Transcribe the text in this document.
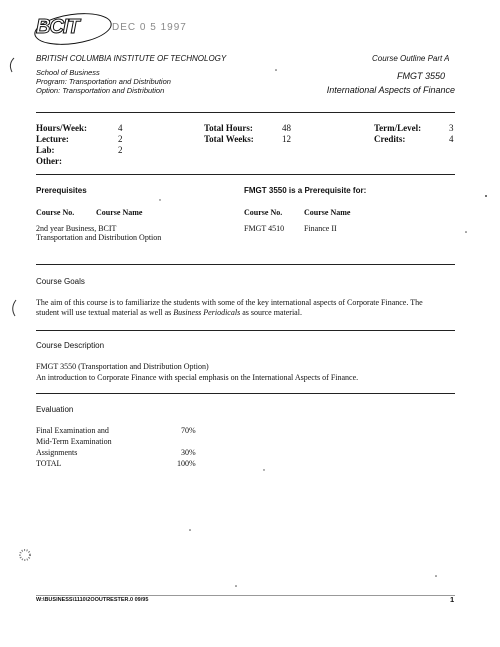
BCIT	DEC 0 5 1997
BRITISH COLUMBIA INSTITUTE OF TECHNOLOGY	Course Outline Part A
School of Business
Program: Transportation and Distribution
Option: Transportation and Distribution
FMGT 3550
International Aspects of Finance
Hours/Week:	4
Lecture:	2
Lab:	2
Other:
Total Hours:	48
Total Weeks:	12
Term/Level:	3
Credits:	4
Prerequisites
Course No.	Course Name
2nd year Business, BCIT
Transportation and Distribution Option
FMGT 3550 is a Prerequisite for:
Course No.	Course Name
FMGT 4510 Finance II
Course Goals
The aim of this course is to familiarize the students with some of the key international aspects of Corporate Finance. The student will use textual material as well as Business Periodicals as source material.
Course Description
FMGT 3550 (Transportation and Distribution Option)
An introduction to Corporate Finance with special emphasis on the International Aspects of Finance.
Evaluation
Final Examination and	70%
Mid-Term Examination
Assignments	30%
TOTAL	100%
W:\BUSINESS\1110\2OOUTRESTER.0 09/95	1
